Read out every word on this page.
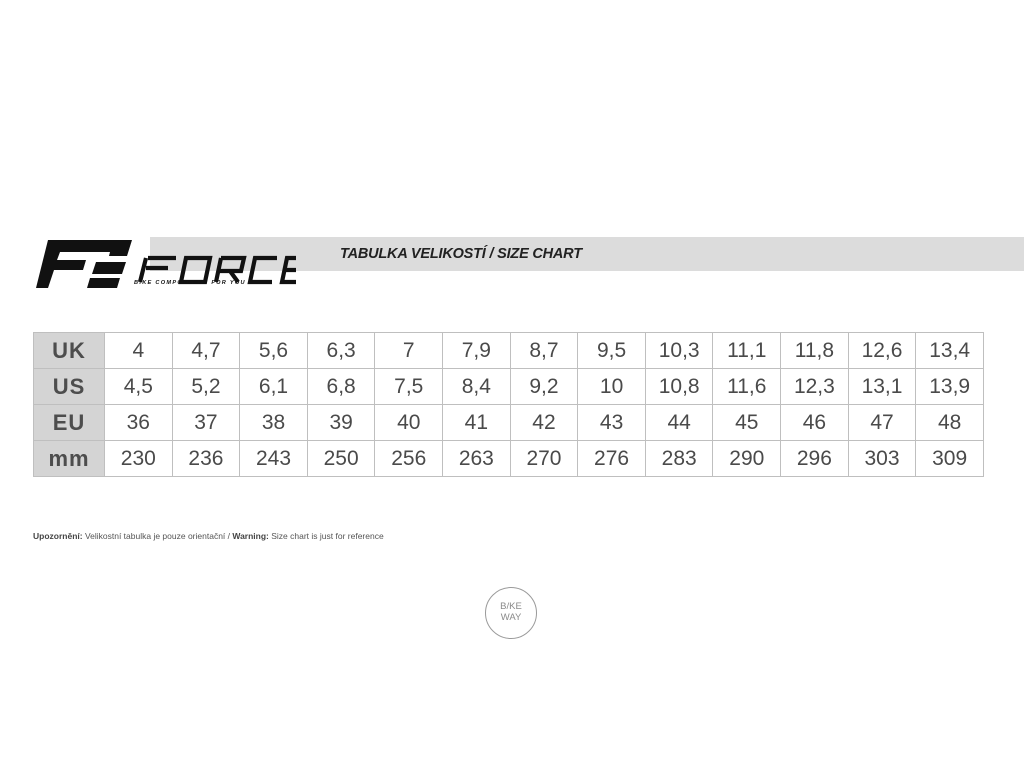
BIKE COMPONENTS FOR YOU
TABULKA VELIKOSTÍ / SIZE CHART
UK	4	4,7	5,6	6,3	7	7,9	8,7	9,5	10,3	11,1	11,8	12,6	13,4
US	4,5	5,2	6,1	6,8	7,5	8,4	9,2	10	10,8	11,6	12,3	13,1	13,9
EU	36	37	38	39	40	41	42	43	44	45	46	47	48
mm	230	236	243	250	256	263	270	276	283	290	296	303	309
Upozornění: Velikostní tabulka je pouze orientační / Warning: Size chart is just for reference
B/KE
WAY
